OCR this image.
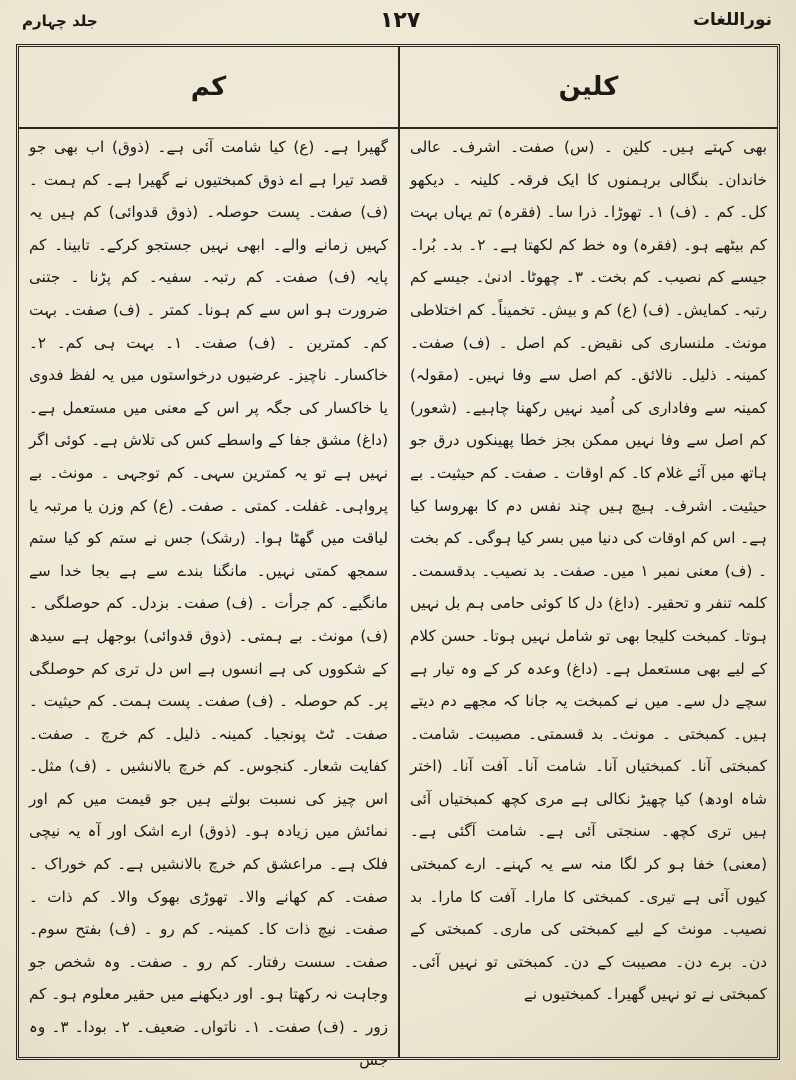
نوراللغات
۱۲۷
جلد چہارم
کلین
کم

بھی کہتے ہیں۔ کلین ۔ (س) صفت۔ اشرف۔ عالی خاندان۔ بنگالی برہمنوں کا ایک فرقہ۔ کلینہ ۔ دیکھو کل۔ کم ۔ (ف) ۱۔ تھوڑا۔ ذرا سا۔ (فقرہ) تم یہاں بہت کم بیٹھے ہو۔ (فقرہ) وہ خط کم لکھتا ہے۔ ۲۔ بد۔ بُرا۔ جیسے کم نصیب۔ کم بخت۔ ۳۔ چھوٹا۔ ادنیٰ۔ جیسے کم رتبہ۔ کمایش۔ (ف) (ع) کم و بیش۔ تخمیناً۔ کم اختلاطی مونث۔ ملنساری کی نقیض۔ کم اصل ۔ (ف) صفت۔ کمینہ۔ ذلیل۔ نالائق۔ کم اصل سے وفا نہیں۔ (مقولہ) کمینہ سے وفاداری کی اُمید نہیں رکھنا چاہیے۔ (شعور) کم اصل سے وفا نہیں ممکن بجز خطا پھینکوں درق جو ہاتھ میں آئے غلام کا۔ کم اوقات ۔ صفت۔ کم حیثیت۔ بے حیثیت۔ اشرف۔ ہیچ ہیں چند نفس دم کا بھروسا کیا ہے۔ اس کم اوقات کی دنیا میں بسر کیا ہوگی۔ کم بخت ۔ (ف) معنی نمبر ۱ میں۔ صفت۔ بد نصیب۔ بدقسمت۔ کلمہ تنفر و تحقیر۔ (داغ) دل کا کوئی حامی ہم بل نہیں ہوتا۔ کمبخت کلیجا بھی تو شامل نہیں ہوتا۔ حسن کلام کے لیے بھی مستعمل ہے۔ (داغ) وعدہ کر کے وہ تیار ہے سچے دل سے۔ میں نے کمبخت یہ جانا کہ مجھے دم دیتے ہیں۔ کمبختی ۔ مونث۔ بد قسمتی۔ مصیبت۔ شامت۔ کمبختی آنا۔ کمبختیاں آنا۔ شامت آنا۔ آفت آنا۔ (اختر شاہ اودھ) کیا چھیڑ نکالی ہے مری کچھ کمبختیاں آئی ہیں تری کچھ۔ سنجتی آئی ہے۔ شامت آگئی ہے۔ (معنی) خفا ہو کر لگا منہ سے یہ کہنے۔ ارے کمبختی کیوں آئی ہے تیری۔ کمبختی کا مارا۔ آفت کا مارا۔ بد نصیب۔ مونث کے لیے کمبختی کی ماری۔ کمبختی کے دن۔ برے دن۔ مصیبت کے دن۔ کمبختی تو نہیں آئی۔ کمبختی نے تو نہیں گھیرا۔ کمبختیوں نے

گھیرا ہے۔ (ع) کیا شامت آئی ہے۔ (ذوق) اب بھی جو قصد تیرا ہے اے ذوق کمبختیوں نے گھیرا ہے۔ کم ہمت ۔ (ف) صفت۔ پست حوصلہ۔ (ذوق قدوائی) کم ہیں یہ کہیں زمانے والے۔ ابھی نہیں جستجو کرکے۔ تابینا۔ کم پایہ (ف) صفت۔ کم رتبہ۔ سفیہ۔ کم پڑنا ۔ جتنی ضرورت ہو اس سے کم ہونا۔ کمتر ۔ (ف) صفت۔ بہت کم۔ کمترین ۔ (ف) صفت۔ ۱۔ بہت ہی کم۔ ۲۔ خاکسار۔ ناچیز۔ عرضیوں درخواستوں میں یہ لفظ فدوی یا خاکسار کی جگہ پر اس کے معنی میں مستعمل ہے۔ (داغ) مشق جفا کے واسطے کس کی تلاش ہے۔ کوئی اگر نہیں ہے تو یہ کمترین سہی۔ کم توجہی ۔ مونث۔ بے پرواہی۔ غفلت۔ کمتی ۔ صفت۔ (ع) کم وزن یا مرتبہ یا لیاقت میں گھٹا ہوا۔ (رشک) جس نے ستم کو کیا ستم سمجھ کمتی نہیں۔ مانگنا بندے سے ہے بجا خدا سے مانگیے۔ کم جرأت ۔ (ف) صفت۔ بزدل۔ کم حوصلگی ۔ (ف) مونث۔ بے ہمتی۔ (ذوق قدوائی) بوجھل ہے سیدھ کے شکووں کی ہے انسوں ہے اس دل تری کم حوصلگی پر۔ کم حوصلہ ۔ (ف) صفت۔ پست ہمت۔ کم حیثیت ۔ صفت۔ ٹٹ پونجیا۔ کمینہ۔ ذلیل۔ کم خرچ ۔ صفت۔ کفایت شعار۔ کنجوس۔ کم خرچ بالانشیں ۔ (ف) مثل۔ اس چیز کی نسبت بولتے ہیں جو قیمت میں کم اور نمائش میں زیادہ ہو۔ (ذوق) ارے اشک اور آہ یہ نیچی فلک ہے۔ مراعشق کم خرچ بالانشیں ہے۔ کم خوراک ۔ صفت۔ کم کھانے والا۔ تھوڑی بھوک والا۔ کم ذات ۔ صفت۔ نیچ ذات کا۔ کمینہ۔ کم رو ۔ (ف) بفتح سوم۔ صفت۔ سست رفتار۔ کم رو ۔ صفت۔ وہ شخص جو وجاہت نہ رکھتا ہو۔ اور دیکھنے میں حقیر معلوم ہو۔ کم زور ۔ (ف) صفت۔ ۱۔ ناتواں۔ ضعیف۔ ۲۔ بودا۔ ۳۔ وہ جس
